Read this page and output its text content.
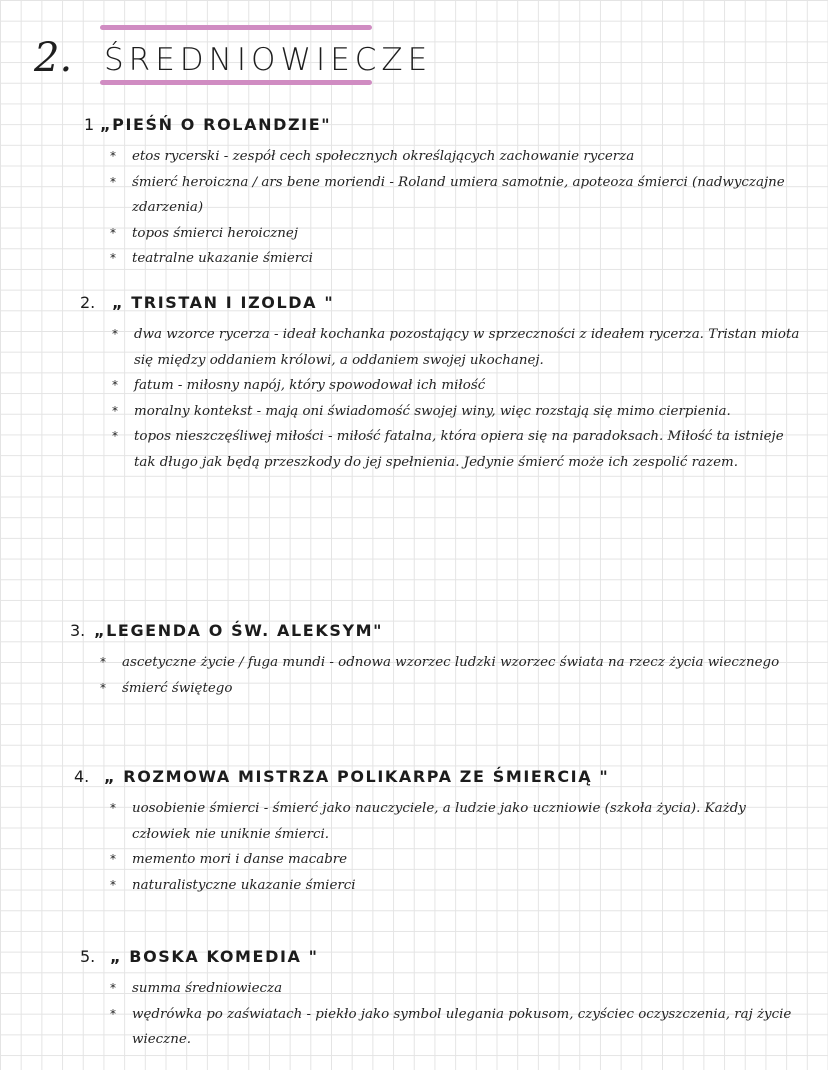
2. ŚREDNIOWIECZE
1 „PIEŚŃ O ROLANDZIE"
* etos rycerski - zespół cech społecznych określających zachowanie rycerza
* śmierć heroiczna / ars bene moriendi - Roland umiera samotnie, apoteoza śmierci (nadwyczajne zdarzenia)
* topos śmierci heroicznej
* teatralne ukazanie śmierci
2. „ TRISTAN I IZOLDA "
* dwa wzorce rycerza - ideał kochanka pozostający w sprzeczności z ideałem rycerza. Tristan miota się między oddaniem królowi, a oddaniem swojej ukochanej.
* fatum - miłosny napój, który spowodował ich miłość
* moralny kontekst - mają oni świadomość swojej winy, więc rozstają się mimo cierpienia.
* topos nieszczęśliwej miłości - miłość fatalna, która opiera się na paradoksach. Miłość ta istnieje tak długo jak będą przeszkody do jej spełnienia. Jedynie śmierć może ich zespolić razem.
3. „LEGENDA O ŚW. ALEKSYM"
* ascetyczne życie / fuga mundi - odnowa wzorzec ludzki wzorzec świata na rzecz życia wiecznego
* śmierć świętego
4. „ ROZMOWA MISTRZA POLIKARPA ZE ŚMIERCIĄ "
* uosobienie śmierci - śmierć jako nauczyciele, a ludzie jako uczniowie (szkoła życia). Każdy człowiek nie uniknie śmierci.
* memento mori i danse macabre
* naturalistyczne ukazanie śmierci
5. „ BOSKA KOMEDIA "
* summa średniowiecza
* wędrówka po zaświatach - piekło jako symbol ulegania pokusom, czyściec oczyszczenia, raj życie wieczne.
